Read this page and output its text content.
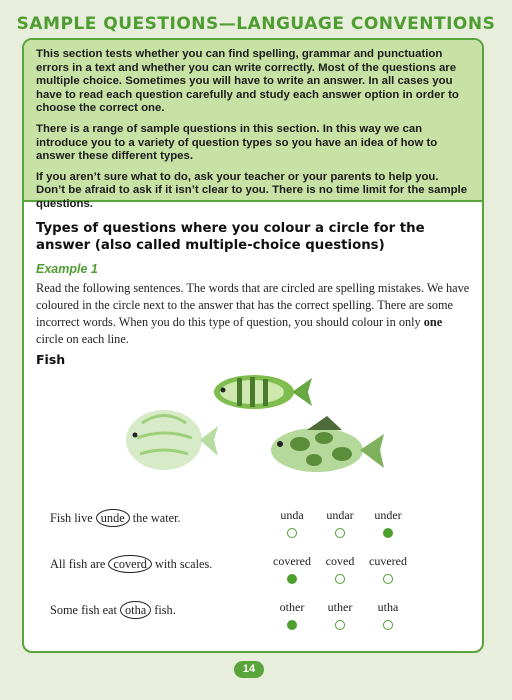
SAMPLE QUESTIONS—LANGUAGE CONVENTIONS

This section tests whether you can find spelling, grammar and punctuation errors in a text and whether you can write correctly. Most of the questions are multiple choice. Sometimes you will have to write an answer. In all cases you have to read each question carefully and study each answer option in order to choose the correct one.

There is a range of sample questions in this section. In this way we can introduce you to a variety of question types so you have an idea of how to answer these different types.

If you aren’t sure what to do, ask your teacher or your parents to help you. Don’t be afraid to ask if it isn’t clear to you. There is no time limit for the sample questions.

Types of questions where you colour a circle for the answer (also called multiple-choice questions)
Example 1
Read the following sentences. The words that are circled are spelling mistakes. We have coloured in the circle next to the answer that has the correct spelling. There are some incorrect words. When you do this type of question, you should colour in only one circle on each line.
Fish
Fish live unde the water.	unda	undar	under
All fish are coverd with scales.	covered	coved	cuvered
Some fish eat otha fish.	other	uther	utha
14
